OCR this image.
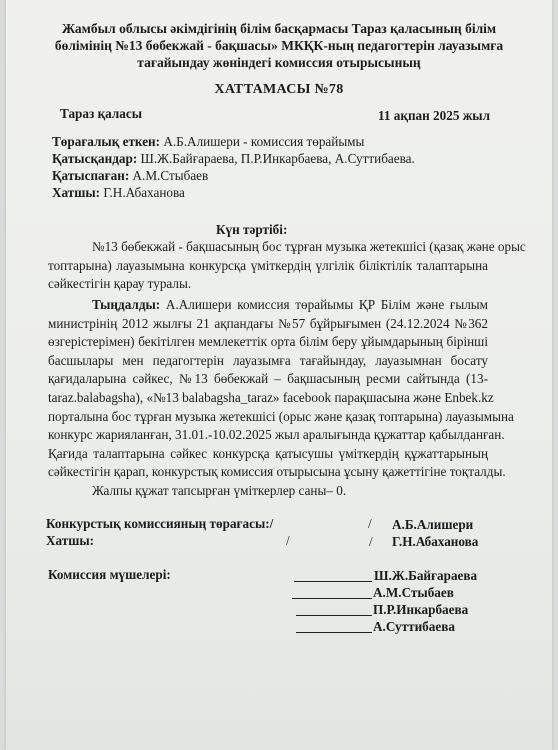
Жамбыл облысы әкімдігінің білім басқармасы Тараз қаласының білім
бөлімінің №13 бөбекжай - бақшасы» МКҚК-ның педагогтерін лауазымға
тағайындау жөніндегі комиссия отырысының
ХАТТАМАСЫ №78
Тараз қаласы	11 ақпан 2025 жыл
Төрағалық еткен: А.Б.Алишери - комиссия төрайымы
Қатысқандар: Ш.Ж.Байғараева, П.Р.Инкарбаева, А.Суттибаева.
Қатыспаған: А.М.Стыбаев
Хатшы: Г.Н.Абаханова
Күн тәртібі:
№13 бөбекжай - бақшасының бос тұрған музыка жетекшісі (қазақ және орыс
топтарына) лауазымына конкурсқа үміткердің үлгілік біліктілік талаптарына
сәйкестігін қарау туралы.
Тыңдалды: А.Алишери комиссия төрайымы ҚР Білім және ғылым
министрінің 2012 жылғы 21 ақпандағы №57 бұйрығымен (24.12.2024 №362
өзгерістерімен) бекітілген мемлекеттік орта білім беру ұйымдарының бірінші
басшылары мен педагогтерін лауазымға тағайындау, лауазымнан босату
қағидаларына сәйкес, №13 бөбекжай – бақшасының ресми сайтында (13-
taraz.balabagsha), «№13 balabagsha_taraz» facebook парақшасына және Enbek.kz
порталына бос тұрған музыка жетекшісі (орыс және қазақ топтарына) лауазымына
конкурс жарияланған, 31.01.-10.02.2025 жыл аралығында құжаттар қабылданған.
Қағида талаптарына сәйкес конкурсқа қатысушы үміткердің құжаттарының
сәйкестігін қарап, конкурстық комиссия отырысына ұсыну қажеттігіне тоқталды.
Жалпы құжат тапсырған үміткерлер саны– 0.
Конкурстық комиссияның төрағасы:/	/ А.Б.Алишери
Хатшы:	/	/ Г.Н.Абаханова
Комиссия мүшелері:	Ш.Ж.Байғараева
А.М.Стыбаев
П.Р.Инкарбаева
А.Суттибаева
